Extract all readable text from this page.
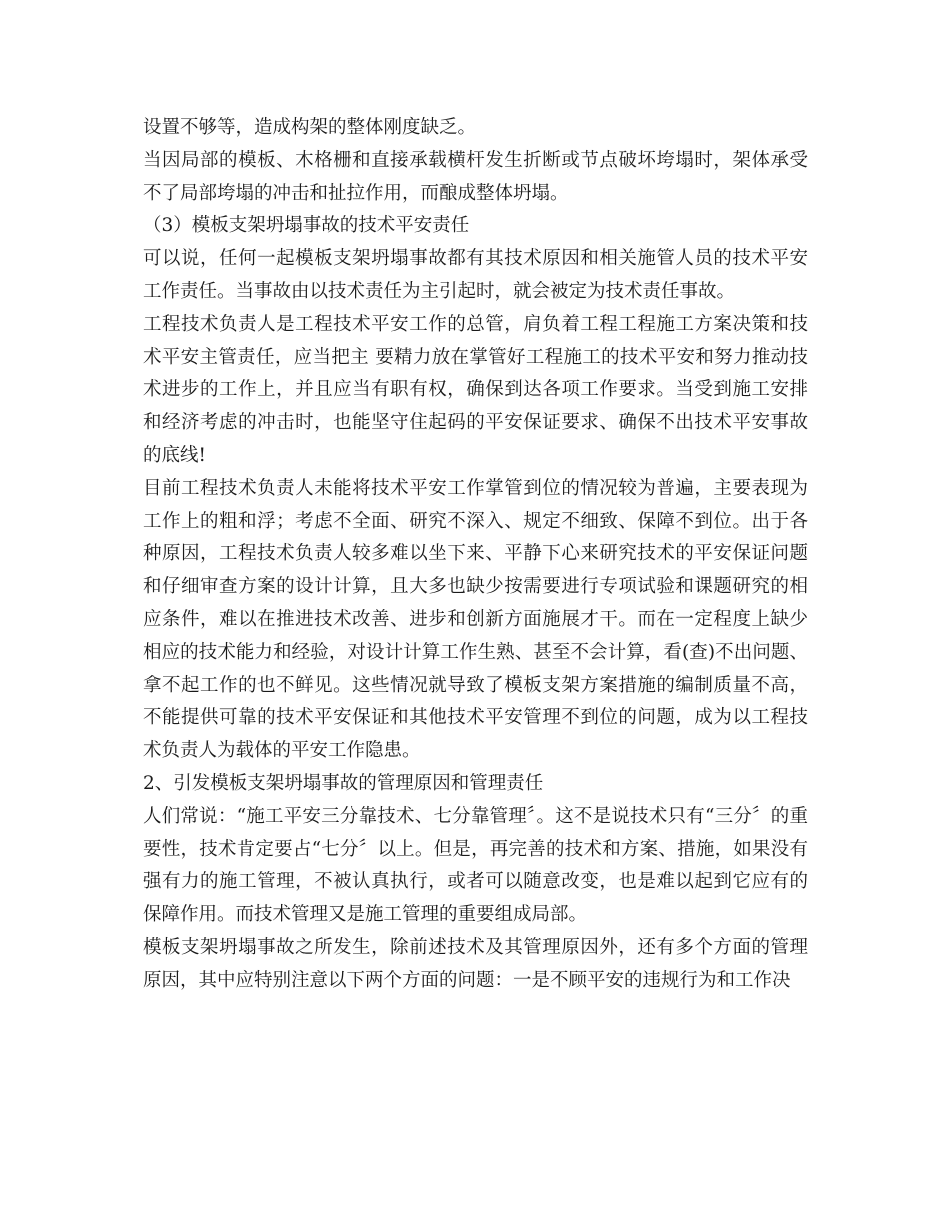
设置不够等，造成构架的整体刚度缺乏。

当因局部的模板、木格栅和直接承载横杆发生折断或节点破坏垮塌时，架体承受不了局部垮塌的冲击和扯拉作用，而酿成整体坍塌。

（3）模板支架坍塌事故的技术平安责任

可以说，任何一起模板支架坍塌事故都有其技术原因和相关施管人员的技术平安工作责任。当事故由以技术责任为主引起时，就会被定为技术责任事故。

工程技术负责人是工程技术平安工作的总管，肩负着工程工程施工方案决策和技术平安主管责任，应当把主 要精力放在掌管好工程施工的技术平安和努力推动技术进步的工作上，并且应当有职有权，确保到达各项工作要求。当受到施工安排和经济考虑的冲击时，也能坚守住起码的平安保证要求、确保不出技术平安事故的底线!

目前工程技术负责人未能将技术平安工作掌管到位的情况较为普遍，主要表现为工作上的粗和浮；考虑不全面、研究不深入、规定不细致、保障不到位。出于各种原因，工程技术负责人较多难以坐下来、平静下心来研究技术的平安保证问题和仔细审查方案的设计计算，且大多也缺少按需要进行专项试验和课题研究的相应条件，难以在推进技术改善、进步和创新方面施展才干。而在一定程度上缺少相应的技术能力和经验，对设计计算工作生熟、甚至不会计算，看(查)不出问题、拿不起工作的也不鲜见。这些情况就导致了模板支架方案措施的编制质量不高，不能提供可靠的技术平安保证和其他技术平安管理不到位的问题，成为以工程技术负责人为载体的平安工作隐患。

2、引发模板支架坍塌事故的管理原因和管理责任

人们常说：“施工平安三分靠技术、七分靠管理〞。这不是说技术只有“三分〞的重要性，技术肯定要占“七分〞以上。但是，再完善的技术和方案、措施，如果没有强有力的施工管理，不被认真执行，或者可以随意改变，也是难以起到它应有的保障作用。而技术管理又是施工管理的重要组成局部。

模板支架坍塌事故之所发生，除前述技术及其管理原因外，还有多个方面的管理原因，其中应特别注意以下两个方面的问题：一是不顾平安的违规行为和工作决
